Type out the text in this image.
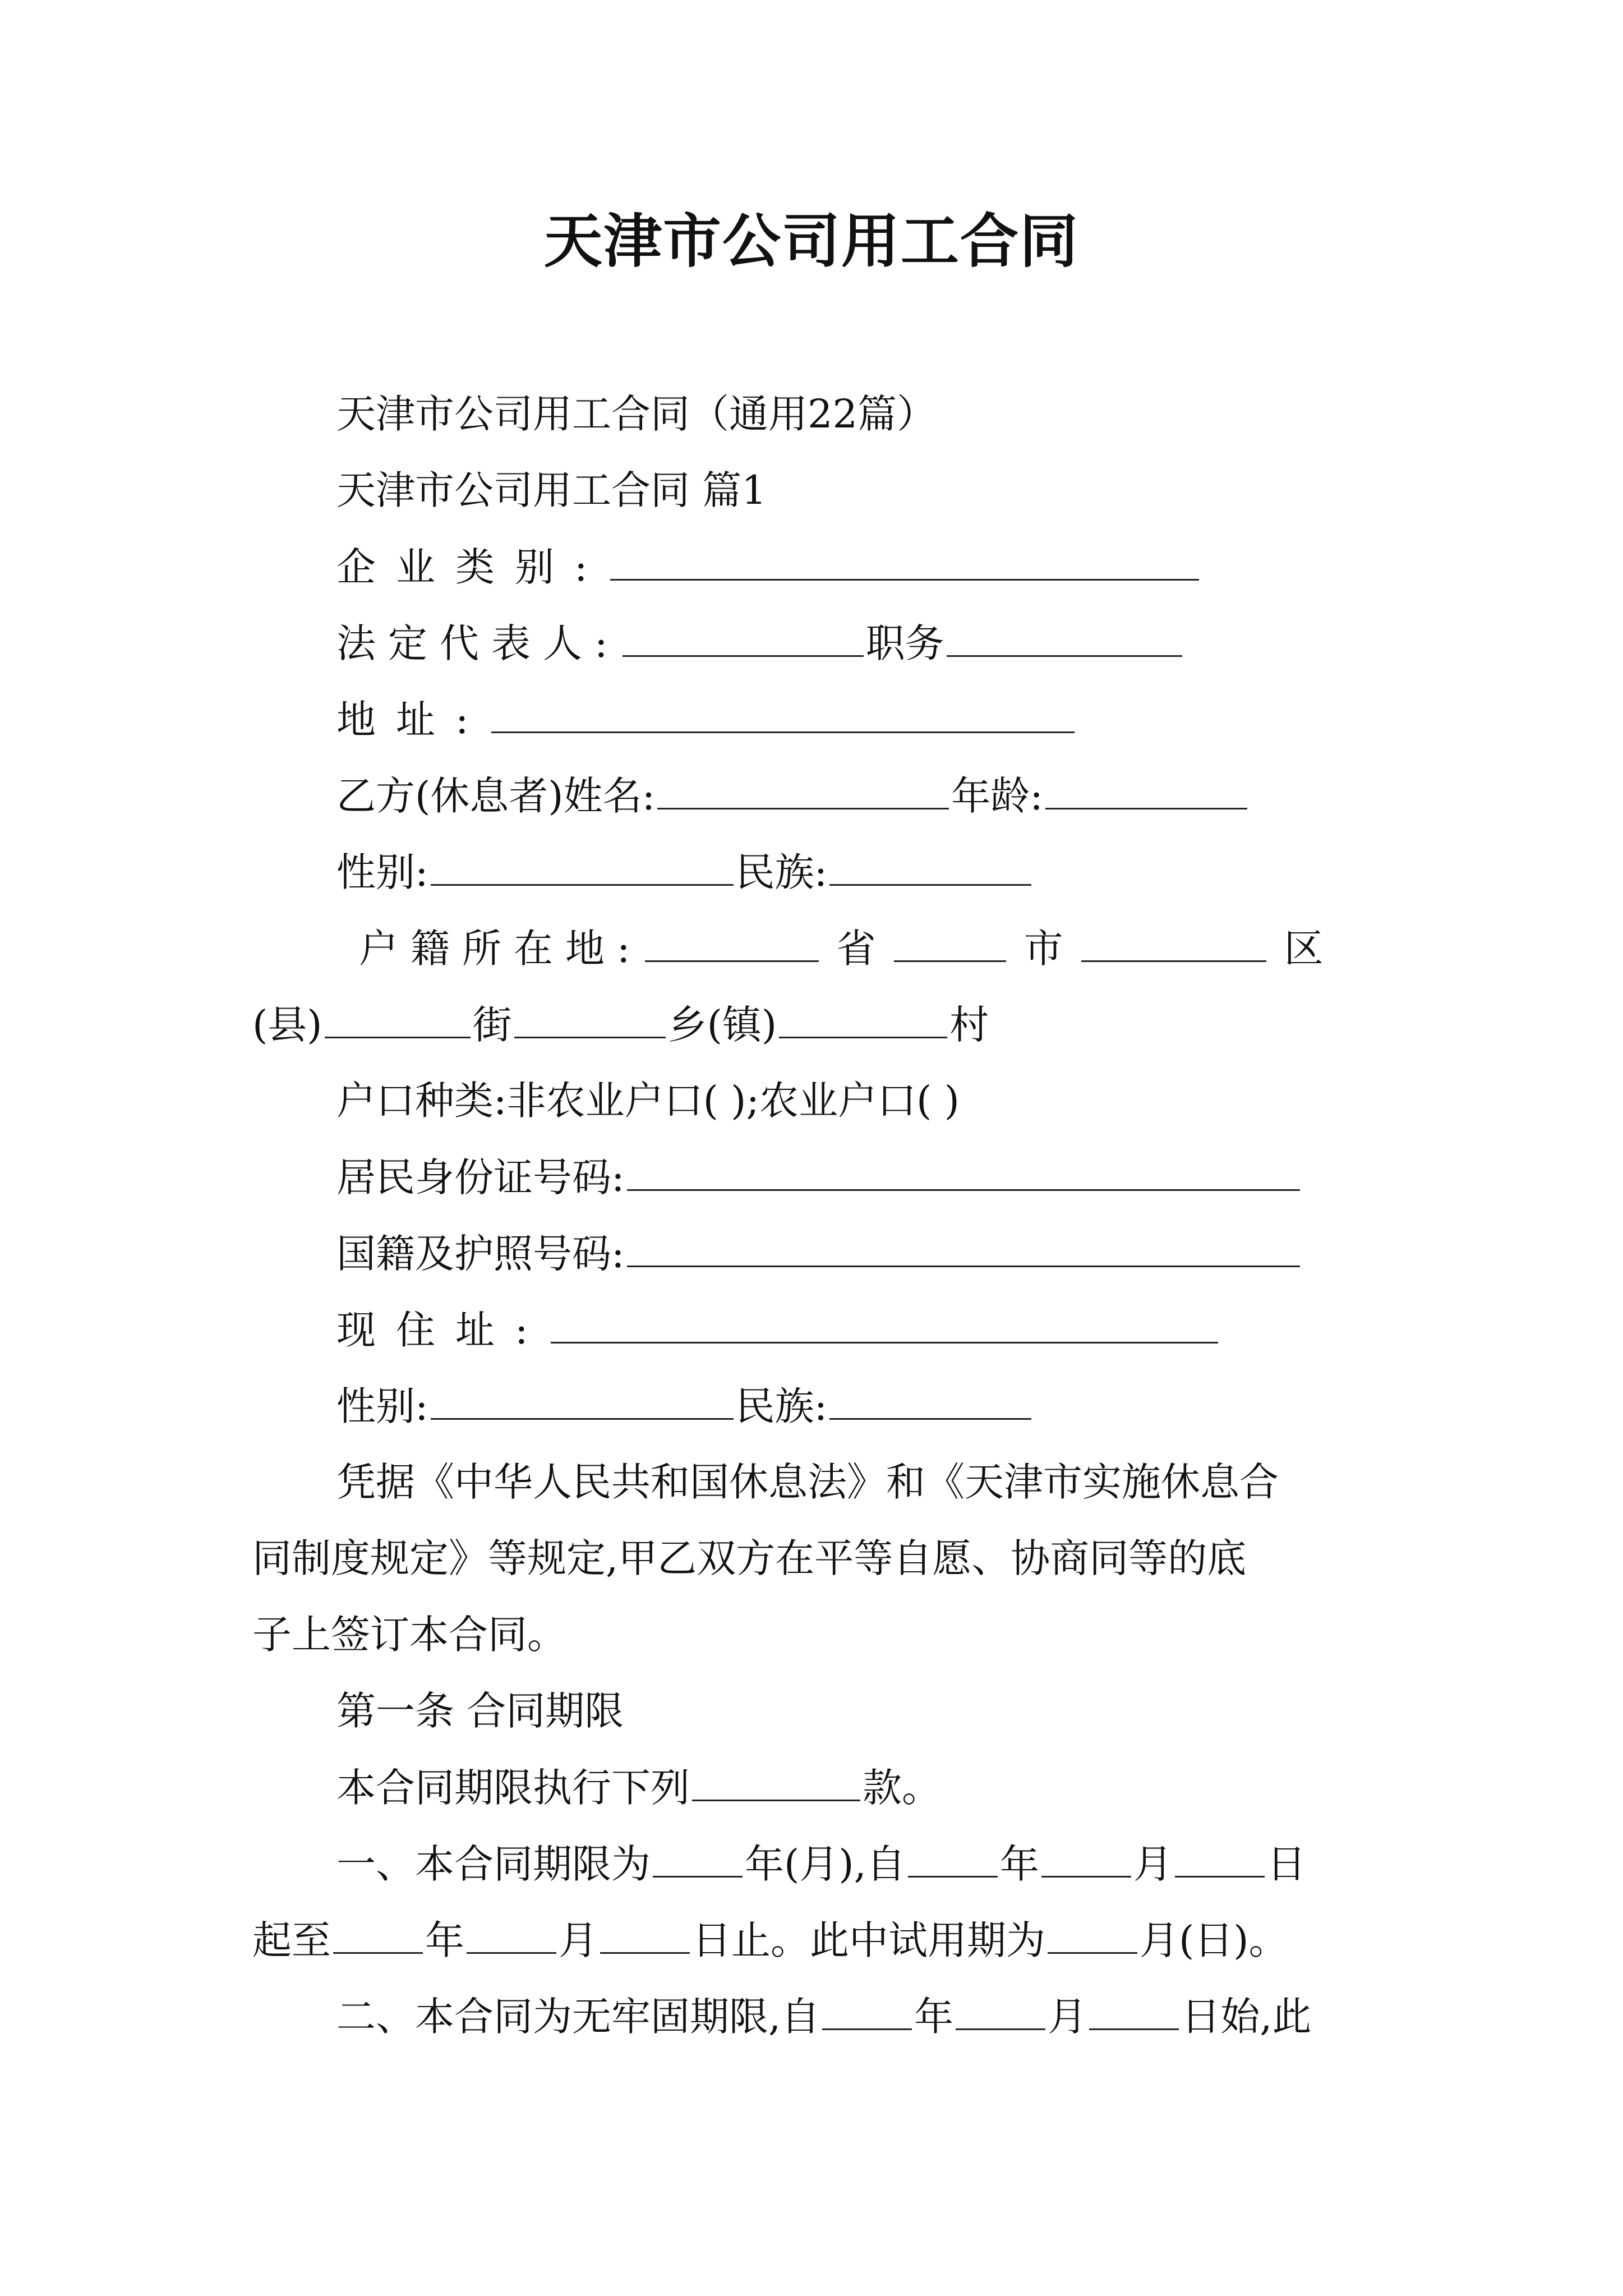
天津市公司用工合同
天津市公司用工合同（通用22篇）
天津市公司用工合同 篇1
企业类别:
法定代表人:	职务
地址:
乙方(休息者)姓名:	年龄:
性别:	民族:
户籍所在地:	省	市	区
(县)	街	乡(镇)	村
户口种类:非农业户口( );农业户口( )
居民身份证号码:
国籍及护照号码:
现住址:
性别:	民族:
凭据《中华人民共和国休息法》和《天津市实施休息合
同制度规定》等规定,甲乙双方在平等自愿、协商同等的底
子上签订本合同。
第一条 合同期限
本合同期限执行下列	款。
一、本合同期限为 年(月),自 年 月 日
起至 年 月 日止。此中试用期为 月(日)。
二、本合同为无牢固期限,自 年 月 日始,此
